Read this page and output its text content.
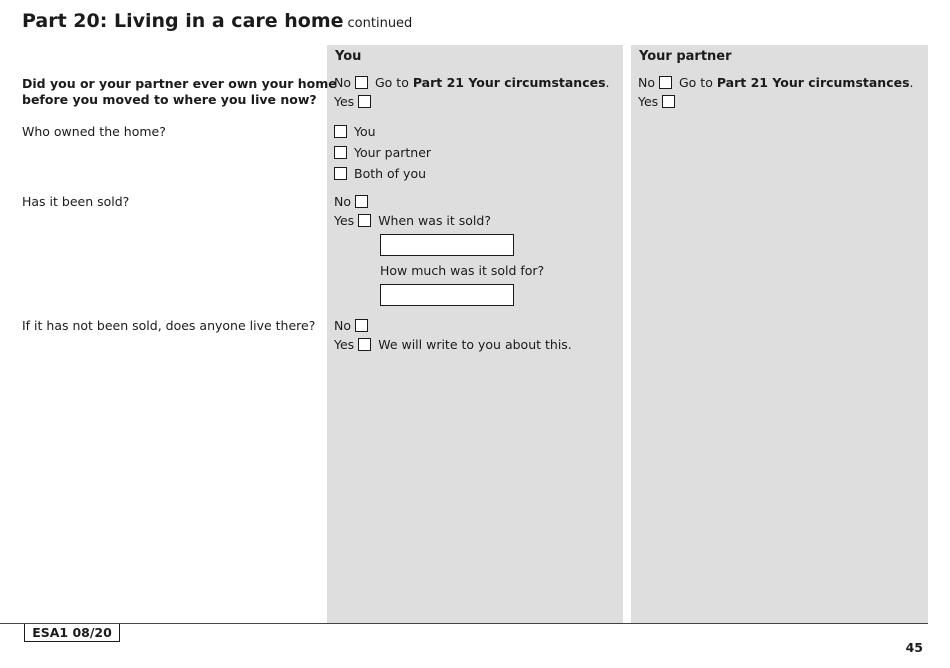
Part 20: Living in a care home continued
You	Your partner
Did you or your partner ever own your home
before you moved to where you live now?
Who owned the home?
Has it been sold?
If it has not been sold, does anyone live there?
No Go to Part 21 Your circumstances.
Yes
No Go to Part 21 Your circumstances.
Yes
You
Your partner
Both of you
No
Yes When was it sold?
How much was it sold for?
No
Yes We will write to you about this.
ESA1 08/20
45
